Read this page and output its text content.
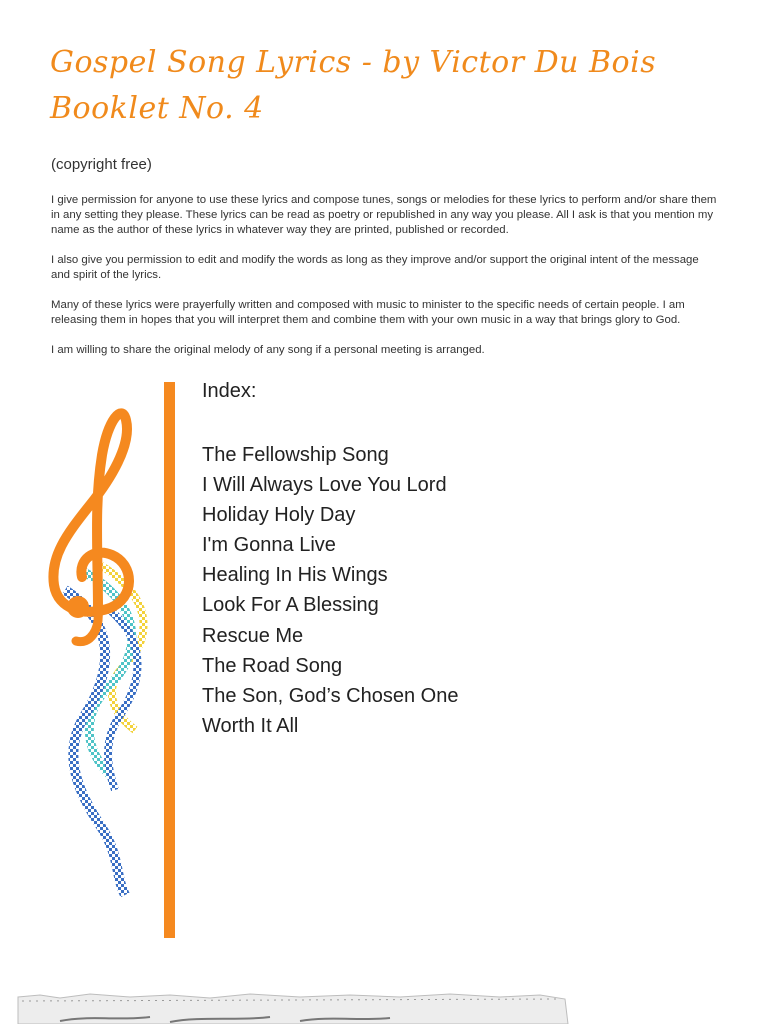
Gospel Song Lyrics - by Victor Du Bois
Booklet No. 4

(copyright free)

I give permission for anyone to use these lyrics and compose tunes, songs or melodies for these lyrics to perform and/or share them in any setting they please. These lyrics can be read as poetry or republished in any way you please. All I ask is that you mention my name as the author of these lyrics in whatever way they are printed, published or recorded.

I also give you permission to edit and modify the words as long as they improve and/or support the original intent of the message and spirit of the lyrics.

Many of these lyrics were prayerfully written and composed with music to minister to the specific needs of certain people. I am releasing them in hopes that you will interpret them and combine them with your own music in a way that brings glory to God.

I am willing to share the original melody of any song if a personal meeting is arranged.

Index:
The Fellowship Song
I Will Always Love You Lord
Holiday Holy Day
I'm Gonna Live
Healing In His Wings
Look For A Blessing
Rescue Me
The Road Song
The Son, God’s Chosen One
Worth It All
